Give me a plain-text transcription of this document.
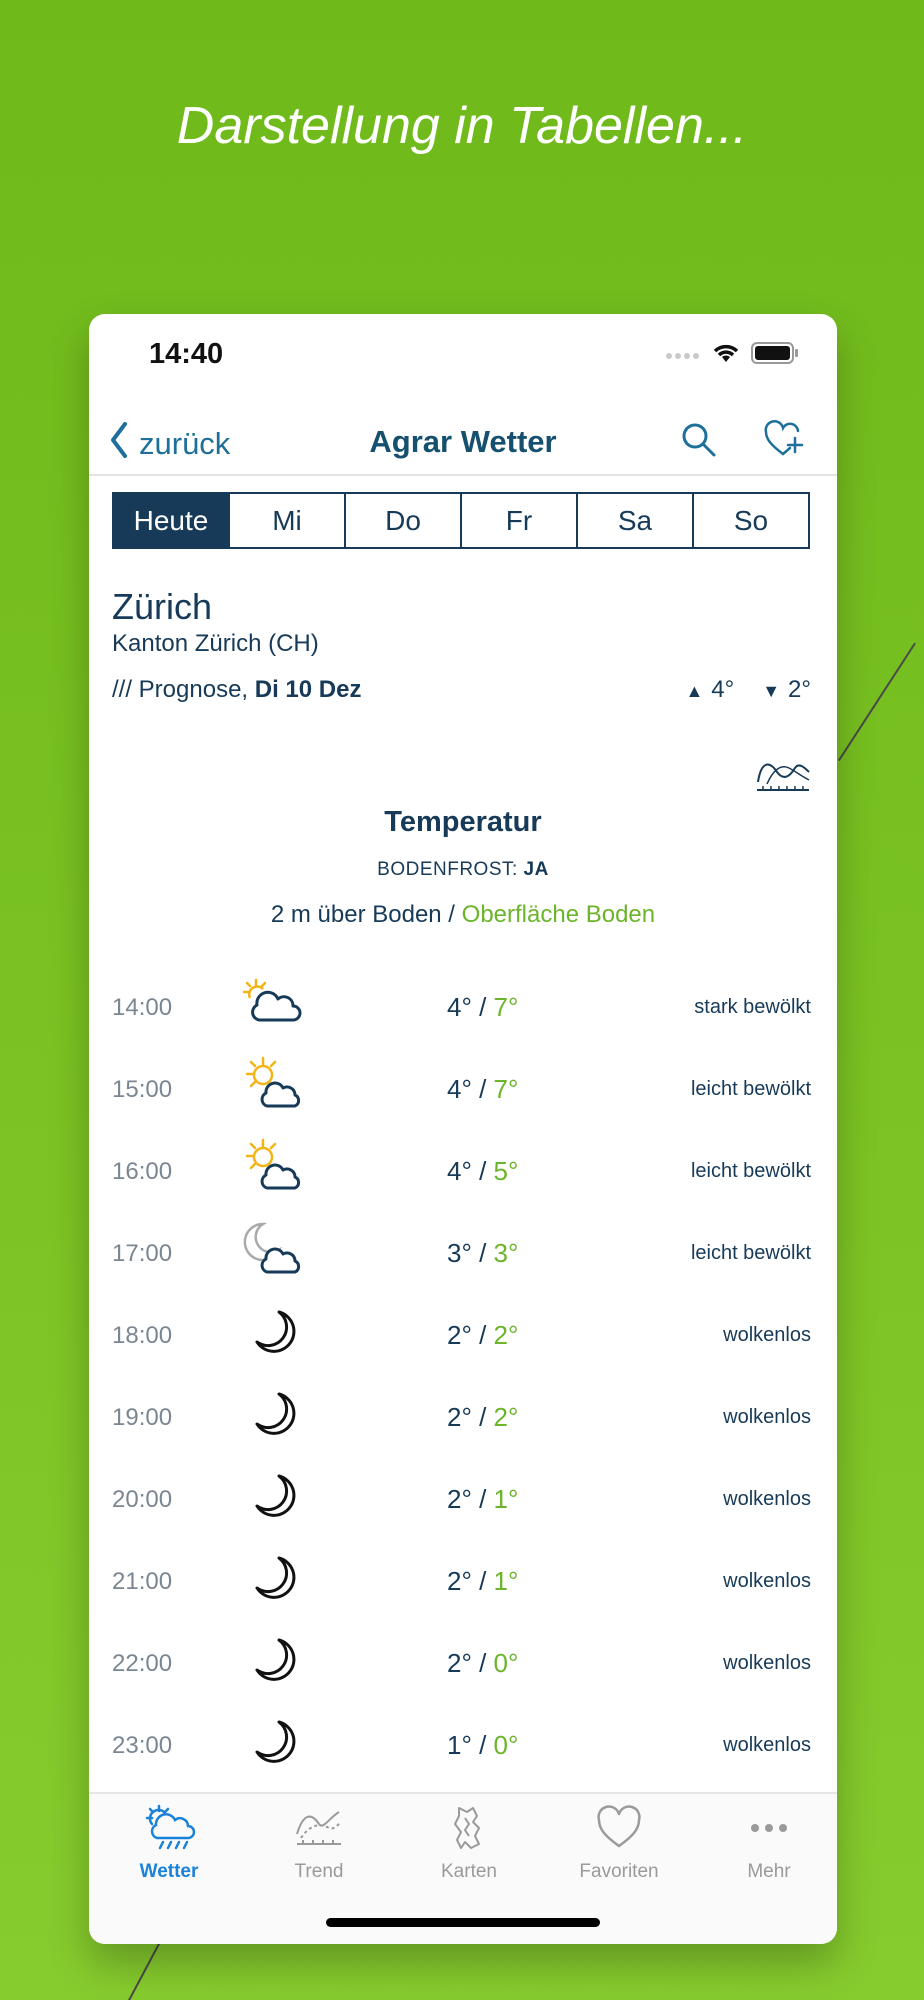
Darstellung in Tabellen...
14:40
zurück	Agrar Wetter
Heute	Mi	Do	Fr	Sa	So
Zürich
Kanton Zürich (CH)
/// Prognose, Di 10 Dez	▲ 4° ▼ 2°
Temperatur
BODENFROST: JA
2 m über Boden / Oberfläche Boden
14:00	4° / 7°	stark bewölkt
15:00	4° / 7°	leicht bewölkt
16:00	4° / 5°	leicht bewölkt
17:00	3° / 3°	leicht bewölkt
18:00	2° / 2°	wolkenlos
19:00	2° / 2°	wolkenlos
20:00	2° / 1°	wolkenlos
21:00	2° / 1°	wolkenlos
22:00	2° / 0°	wolkenlos
23:00	1° / 0°	wolkenlos
Wetter	Trend	Karten	Favoriten	Mehr
